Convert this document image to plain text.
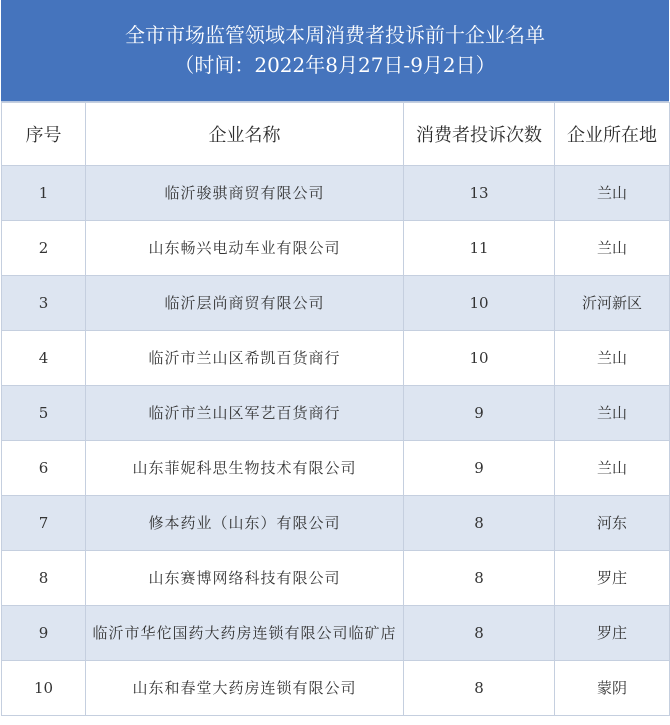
全市市场监管领域本周消费者投诉前十企业名单
（时间：2022年8月27日-9月2日）
序号	企业名称	消费者投诉次数	企业所在地
1	临沂骏骐商贸有限公司	13	兰山
2	山东畅兴电动车业有限公司	11	兰山
3	临沂层尚商贸有限公司	10	沂河新区
4	临沂市兰山区希凯百货商行	10	兰山
5	临沂市兰山区军艺百货商行	9	兰山
6	山东菲妮科思生物技术有限公司	9	兰山
7	修本药业（山东）有限公司	8	河东
8	山东赛博网络科技有限公司	8	罗庄
9	临沂市华佗国药大药房连锁有限公司临矿店	8	罗庄
10	山东和春堂大药房连锁有限公司	8	蒙阴
